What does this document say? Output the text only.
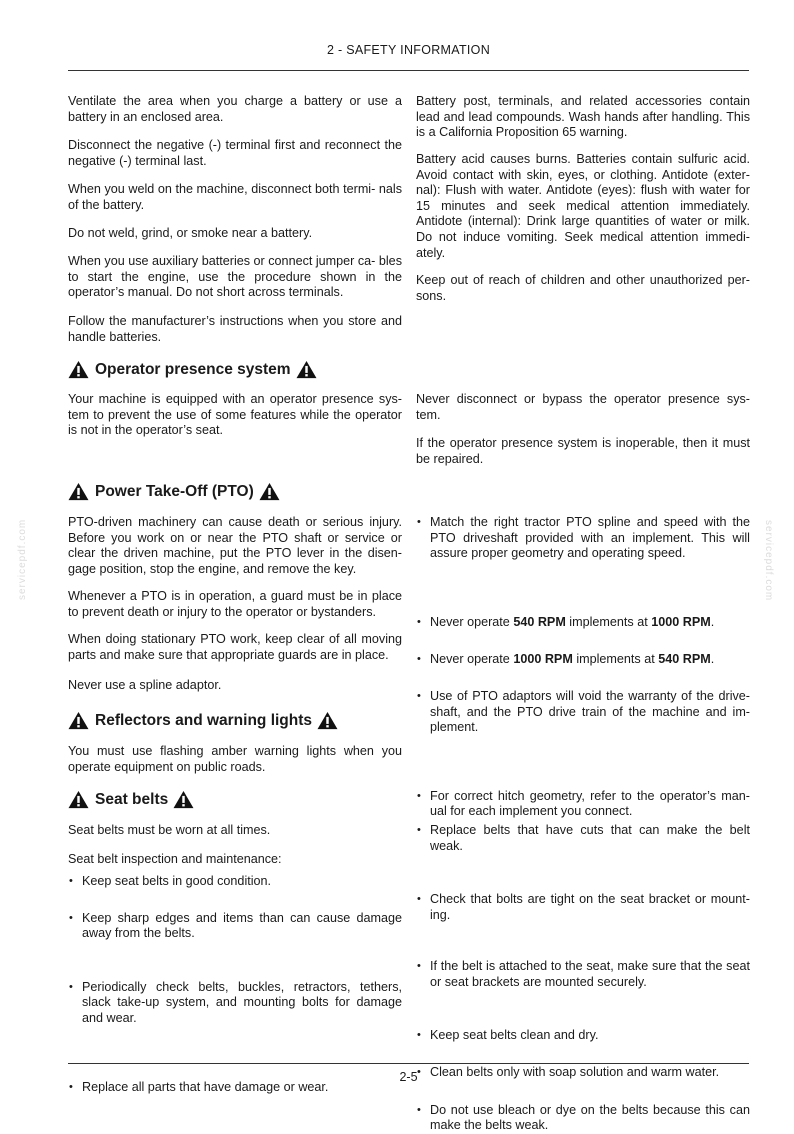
2 - SAFETY INFORMATION
servicepdf.com	servicepdf.com

Ventilate the area when you charge a battery or use a battery in an enclosed area.

Disconnect the negative (-) terminal first and reconnect the negative (-) terminal last.

When you weld on the machine, disconnect both termi- nals of the battery.

Do not weld, grind, or smoke near a battery.

When you use auxiliary batteries or connect jumper ca- bles to start the engine, use the procedure shown in the operator’s manual. Do not short across terminals.

Follow the manufacturer’s instructions when you store and handle batteries.

Battery post, terminals, and related accessories contain lead and lead compounds. Wash hands after handling. This is a California Proposition 65 warning.

Battery acid causes burns. Batteries contain sulfuric acid. Avoid contact with skin, eyes, or clothing. Antidote (exter- nal): Flush with water. Antidote (eyes): flush with water for 15 minutes and seek medical attention immediately. Antidote (internal): Drink large quantities of water or milk. Do not induce vomiting. Seek medical attention immedi- ately.

Keep out of reach of children and other unauthorized per- sons.

Operator presence system

Your machine is equipped with an operator presence sys- tem to prevent the use of some features while the operator is not in the operator’s seat.

Never disconnect or bypass the operator presence sys- tem.

If the operator presence system is inoperable, then it must be repaired.

Power Take-Off (PTO)

PTO-driven machinery can cause death or serious injury. Before you work on or near the PTO shaft or service or clear the driven machine, put the PTO lever in the disen- gage position, stop the engine, and remove the key.

Whenever a PTO is in operation, a guard must be in place to prevent death or injury to the operator or bystanders.

When doing stationary PTO work, keep clear of all moving parts and make sure that appropriate guards are in place.

Never use a spline adaptor.

• Match the right tractor PTO spline and speed with the PTO driveshaft provided with an implement. This will assure proper geometry and operating speed.
• Never operate 540 RPM implements at 1000 RPM.
• Never operate 1000 RPM implements at 540 RPM.
• Use of PTO adaptors will void the warranty of the drive- shaft, and the PTO drive train of the machine and im- plement.
• For correct hitch geometry, refer to the operator’s man- ual for each implement you connect.
Reflectors and warning lights

You must use flashing amber warning lights when you operate equipment on public roads.

Seat belts

Seat belts must be worn at all times.

Seat belt inspection and maintenance:

• Keep seat belts in good condition.
• Keep sharp edges and items than can cause damage away from the belts.
• Periodically check belts, buckles, retractors, tethers, slack take-up system, and mounting bolts for damage and wear.
• Replace all parts that have damage or wear.
• Replace belts that have cuts that can make the belt weak.
• Check that bolts are tight on the seat bracket or mount- ing.
• If the belt is attached to the seat, make sure that the seat or seat brackets are mounted securely.
• Keep seat belts clean and dry.
• Clean belts only with soap solution and warm water.
• Do not use bleach or dye on the belts because this can make the belts weak.
2-5
